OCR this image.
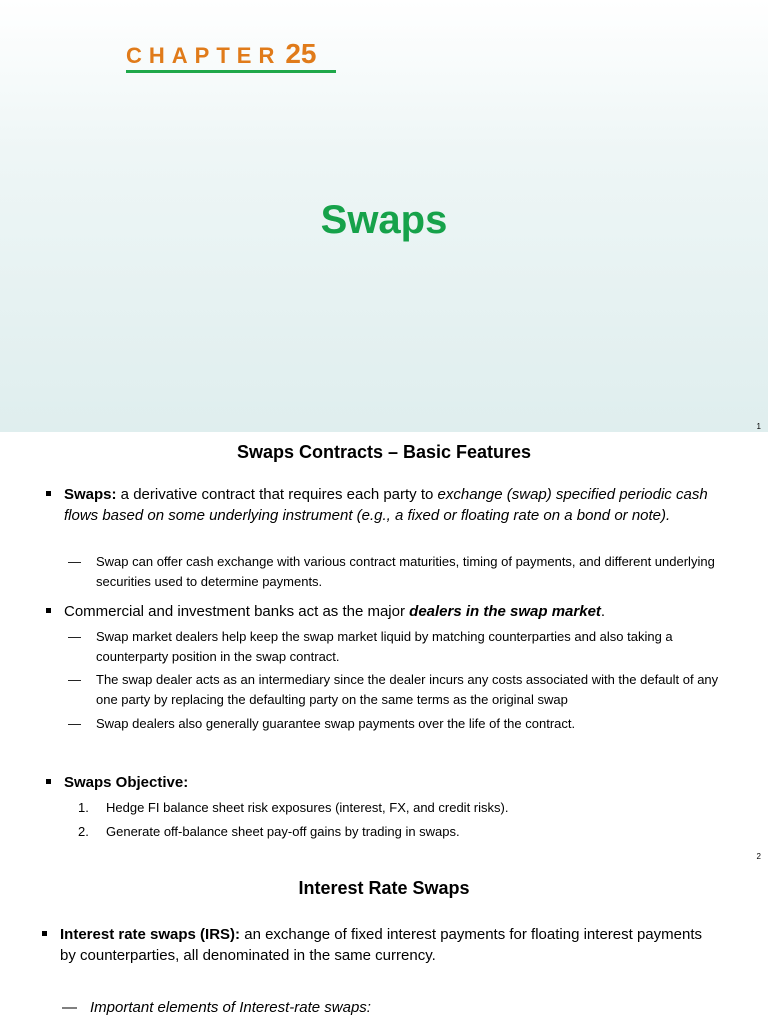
CHAPTER 25
Swaps
1
Swaps Contracts – Basic Features
Swaps: a derivative contract that requires each party to exchange (swap) specified periodic cash flows based on some underlying instrument (e.g., a fixed or floating rate on a bond or note).
— Swap can offer cash exchange with various contract maturities, timing of payments, and different underlying securities used to determine payments.
Commercial and investment banks act as the major dealers in the swap market.
— Swap market dealers help keep the swap market liquid by matching counterparties and also taking a counterparty position in the swap contract.
— The swap dealer acts as an intermediary since the dealer incurs any costs associated with the default of any one party by replacing the defaulting party on the same terms as the original swap
— Swap dealers also generally guarantee swap payments over the life of the contract.
Swaps Objective:
1. Hedge FI balance sheet risk exposures (interest, FX, and credit risks).
2. Generate off-balance sheet pay-off gains by trading in swaps.
2
Interest Rate Swaps
Interest rate swaps (IRS): an exchange of fixed interest payments for floating interest payments by counterparties, all denominated in the same currency.
— Important elements of Interest-rate swaps:
